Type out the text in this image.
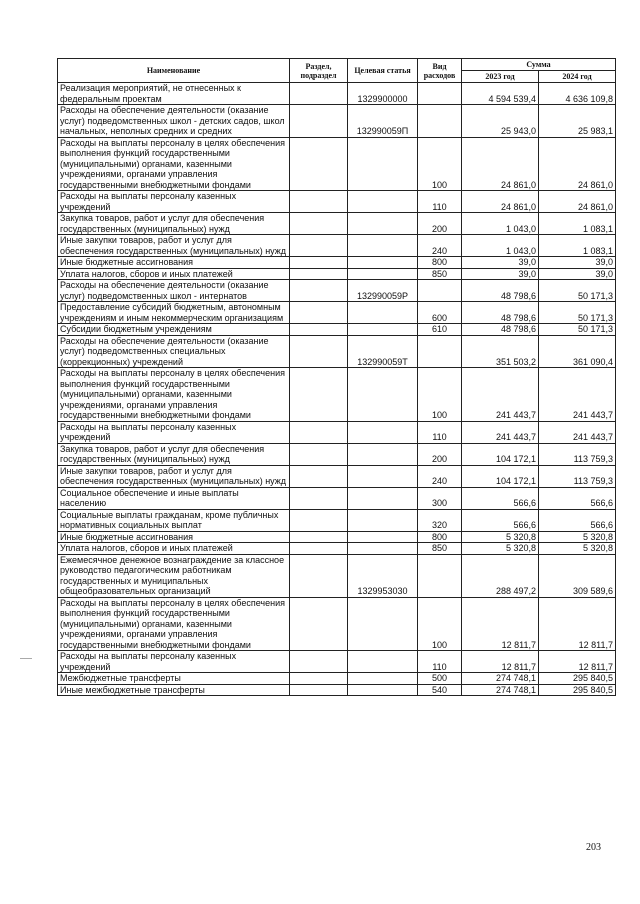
Наименование	Раздел, подраздел	Целевая статья	Вид расходов	Сумма	
				2023 год	2024 год
Реализация мероприятий, не отнесенных к федеральным проектам		1329900000		4 594 539,4	4 636 109,8
Расходы на обеспечение деятельности (оказание услуг) подведомственных школ - детских садов, школ начальных, неполных средних и средних		132990059П		25 943,0	25 983,1
Расходы на выплаты персоналу в целях обеспечения выполнения функций государственными (муниципальными) органами, казенными учреждениями, органами управления государственными внебюджетными фондами			100	24 861,0	24 861,0
Расходы на выплаты персоналу казенных учреждений			110	24 861,0	24 861,0
Закупка товаров, работ и услуг для обеспечения государственных (муниципальных) нужд			200	1 043,0	1 083,1
Иные закупки товаров, работ и услуг для обеспечения государственных (муниципальных) нужд			240	1 043,0	1 083,1
Иные бюджетные ассигнования			800	39,0	39,0
Уплата налогов, сборов и иных платежей			850	39,0	39,0
Расходы на обеспечение деятельности (оказание услуг) подведомственных школ - интернатов		132990059Р		48 798,6	50 171,3
Предоставление субсидий бюджетным, автономным учреждениям и иным некоммерческим организациям			600	48 798,6	50 171,3
Субсидии бюджетным учреждениям			610	48 798,6	50 171,3
Расходы на обеспечение деятельности (оказание услуг) подведомственных специальных (коррекционных) учреждений		132990059Т		351 503,2	361 090,4
Расходы на выплаты персоналу в целях обеспечения выполнения функций государственными (муниципальными) органами, казенными учреждениями, органами управления государственными внебюджетными фондами			100	241 443,7	241 443,7
Расходы на выплаты персоналу казенных учреждений			110	241 443,7	241 443,7
Закупка товаров, работ и услуг для обеспечения государственных (муниципальных) нужд			200	104 172,1	113 759,3
Иные закупки товаров, работ и услуг для обеспечения государственных (муниципальных) нужд			240	104 172,1	113 759,3
Социальное обеспечение и иные выплаты населению			300	566,6	566,6
Социальные выплаты гражданам, кроме публичных нормативных социальных выплат			320	566,6	566,6
Иные бюджетные ассигнования			800	5 320,8	5 320,8
Уплата налогов, сборов и иных платежей			850	5 320,8	5 320,8
Ежемесячное денежное вознаграждение за классное руководство педагогическим работникам государственных и муниципальных общеобразовательных организаций		1329953030		288 497,2	309 589,6
Расходы на выплаты персоналу в целях обеспечения выполнения функций государственными (муниципальными) органами, казенными учреждениями, органами управления государственными внебюджетными фондами			100	12 811,7	12 811,7
Расходы на выплаты персоналу казенных учреждений			110	12 811,7	12 811,7
Межбюджетные трансферты			500	274 748,1	295 840,5
Иные межбюджетные трансферты			540	274 748,1	295 840,5
203
